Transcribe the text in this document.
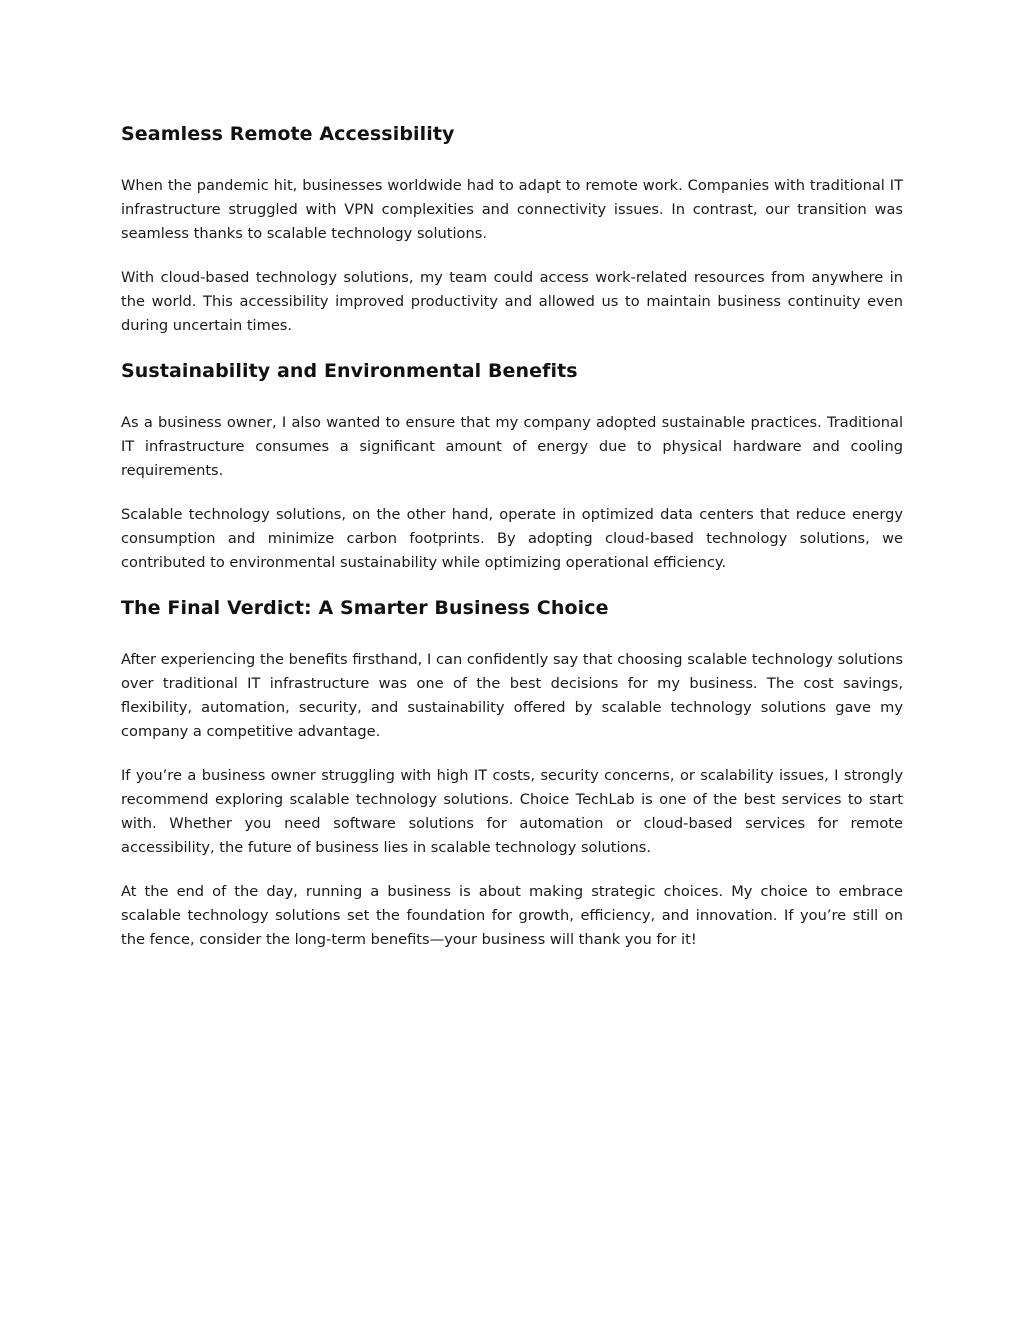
Seamless Remote Accessibility

When the pandemic hit, businesses worldwide had to adapt to remote work. Companies with traditional IT infrastructure struggled with VPN complexities and connectivity issues. In contrast, our transition was seamless thanks to scalable technology solutions.

With cloud-based technology solutions, my team could access work-related resources from anywhere in the world. This accessibility improved productivity and allowed us to maintain business continuity even during uncertain times.

Sustainability and Environmental Benefits

As a business owner, I also wanted to ensure that my company adopted sustainable practices. Traditional IT infrastructure consumes a significant amount of energy due to physical hardware and cooling requirements.

Scalable technology solutions, on the other hand, operate in optimized data centers that reduce energy consumption and minimize carbon footprints. By adopting cloud-based technology solutions, we contributed to environmental sustainability while optimizing operational efficiency.

The Final Verdict: A Smarter Business Choice

After experiencing the benefits firsthand, I can confidently say that choosing scalable technology solutions over traditional IT infrastructure was one of the best decisions for my business. The cost savings, flexibility, automation, security, and sustainability offered by scalable technology solutions gave my company a competitive advantage.

If you’re a business owner struggling with high IT costs, security concerns, or scalability issues, I strongly recommend exploring scalable technology solutions. Choice TechLab is one of the best services to start with. Whether you need software solutions for automation or cloud-based services for remote accessibility, the future of business lies in scalable technology solutions.

At the end of the day, running a business is about making strategic choices. My choice to embrace scalable technology solutions set the foundation for growth, efficiency, and innovation. If you’re still on the fence, consider the long-term benefits—your business will thank you for it!
